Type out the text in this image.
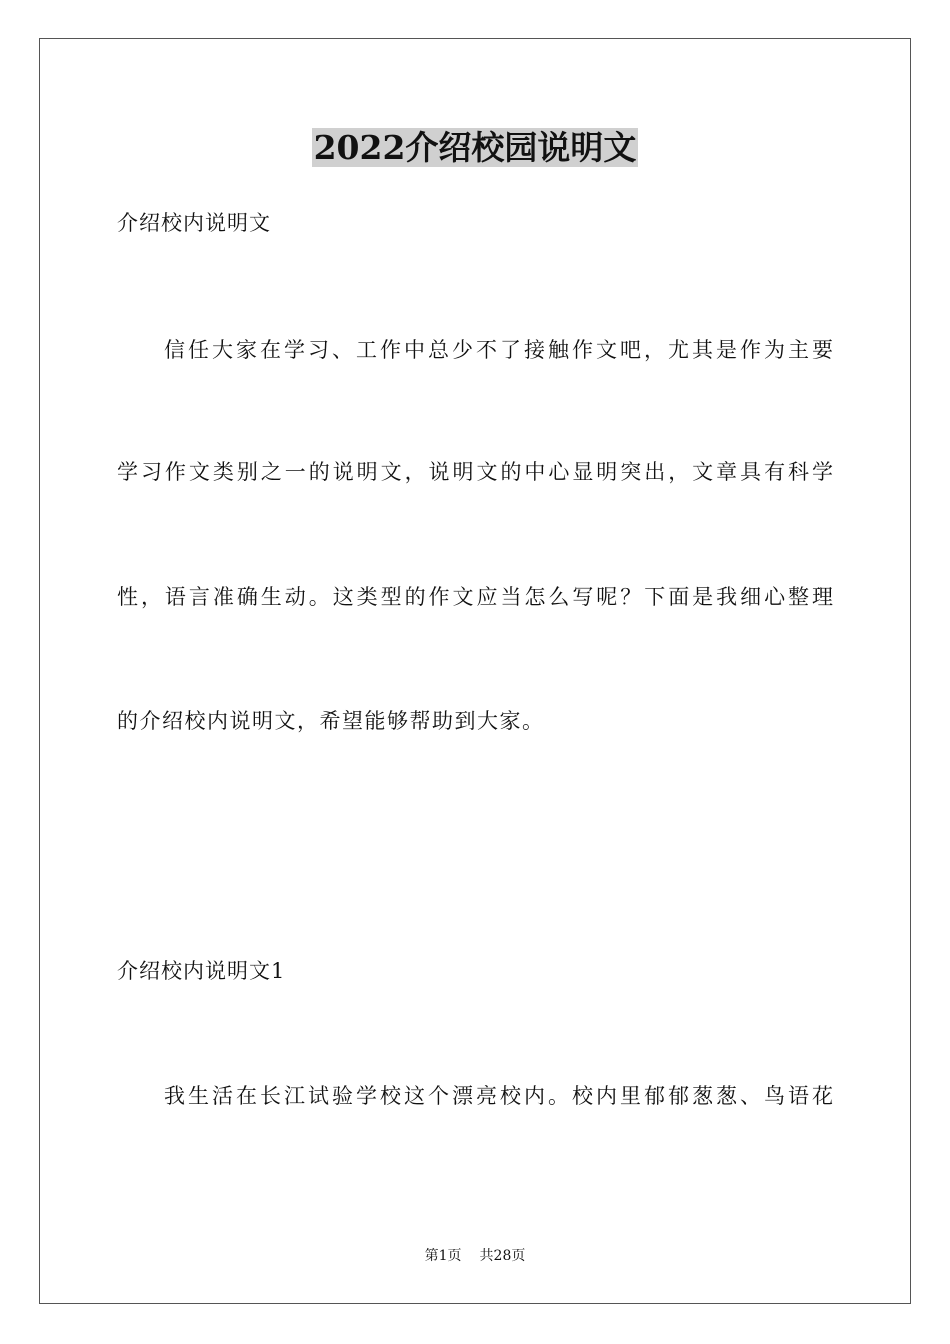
2022介绍校园说明文
介绍校内说明文
信任大家在学习、工作中总少不了接触作文吧，尤其是作为主要
学习作文类别之一的说明文，说明文的中心显明突出，文章具有科学
性，语言准确生动。这类型的作文应当怎么写呢？下面是我细心整理
的介绍校内说明文，希望能够帮助到大家。
介绍校内说明文1
我生活在长江试验学校这个漂亮校内。校内里郁郁葱葱、鸟语花
第1页 共28页
